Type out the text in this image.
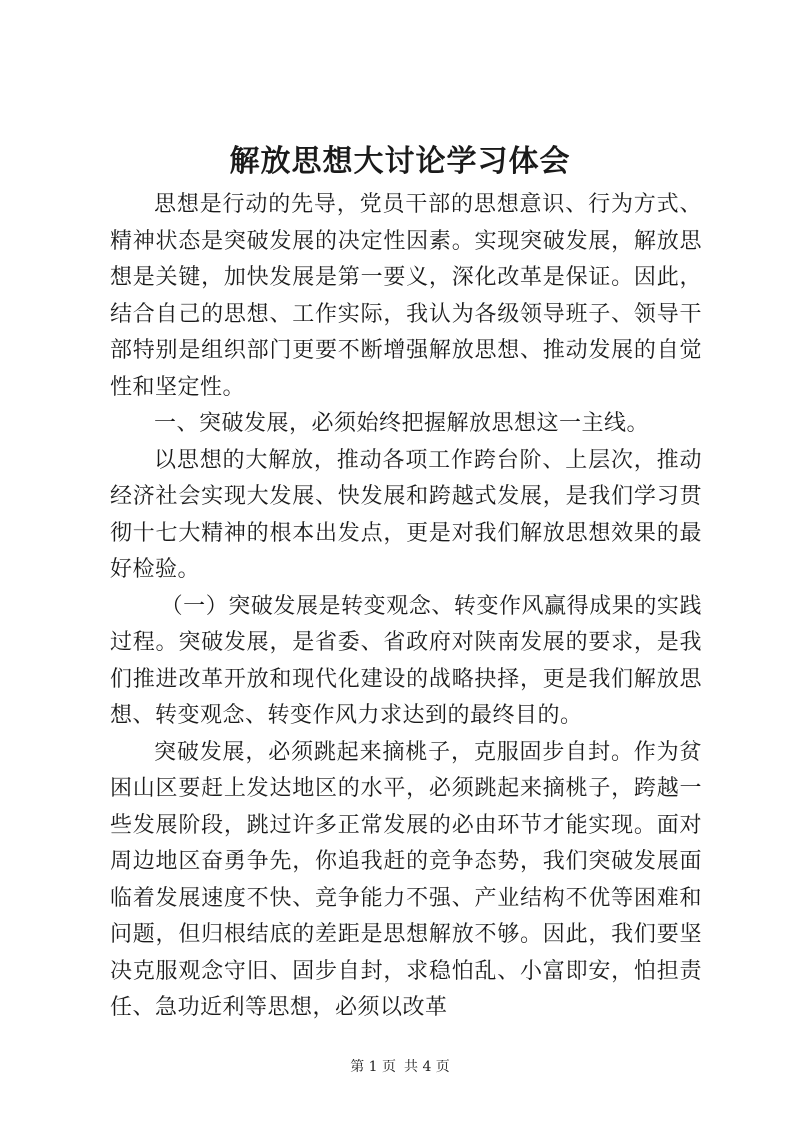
解放思想大讨论学习体会

思想是行动的先导，党员干部的思想意识、行为方式、精神状态是突破发展的决定性因素。实现突破发展，解放思想是关键，加快发展是第一要义，深化改革是保证。因此，结合自己的思想、工作实际，我认为各级领导班子、领导干部特别是组织部门更要不断增强解放思想、推动发展的自觉性和坚定性。

一、突破发展，必须始终把握解放思想这一主线。

以思想的大解放，推动各项工作跨台阶、上层次，推动经济社会实现大发展、快发展和跨越式发展，是我们学习贯彻十七大精神的根本出发点，更是对我们解放思想效果的最好检验。

（一）突破发展是转变观念、转变作风赢得成果的实践过程。突破发展，是省委、省政府对陕南发展的要求，是我们推进改革开放和现代化建设的战略抉择，更是我们解放思想、转变观念、转变作风力求达到的最终目的。

突破发展，必须跳起来摘桃子，克服固步自封。作为贫困山区要赶上发达地区的水平，必须跳起来摘桃子，跨越一些发展阶段，跳过许多正常发展的必由环节才能实现。面对周边地区奋勇争先，你追我赶的竞争态势，我们突破发展面临着发展速度不快、竞争能力不强、产业结构不优等困难和问题，但归根结底的差距是思想解放不够。因此，我们要坚决克服观念守旧、固步自封，求稳怕乱、小富即安，怕担责任、急功近利等思想，必须以改革

第 1 页 共 4 页
